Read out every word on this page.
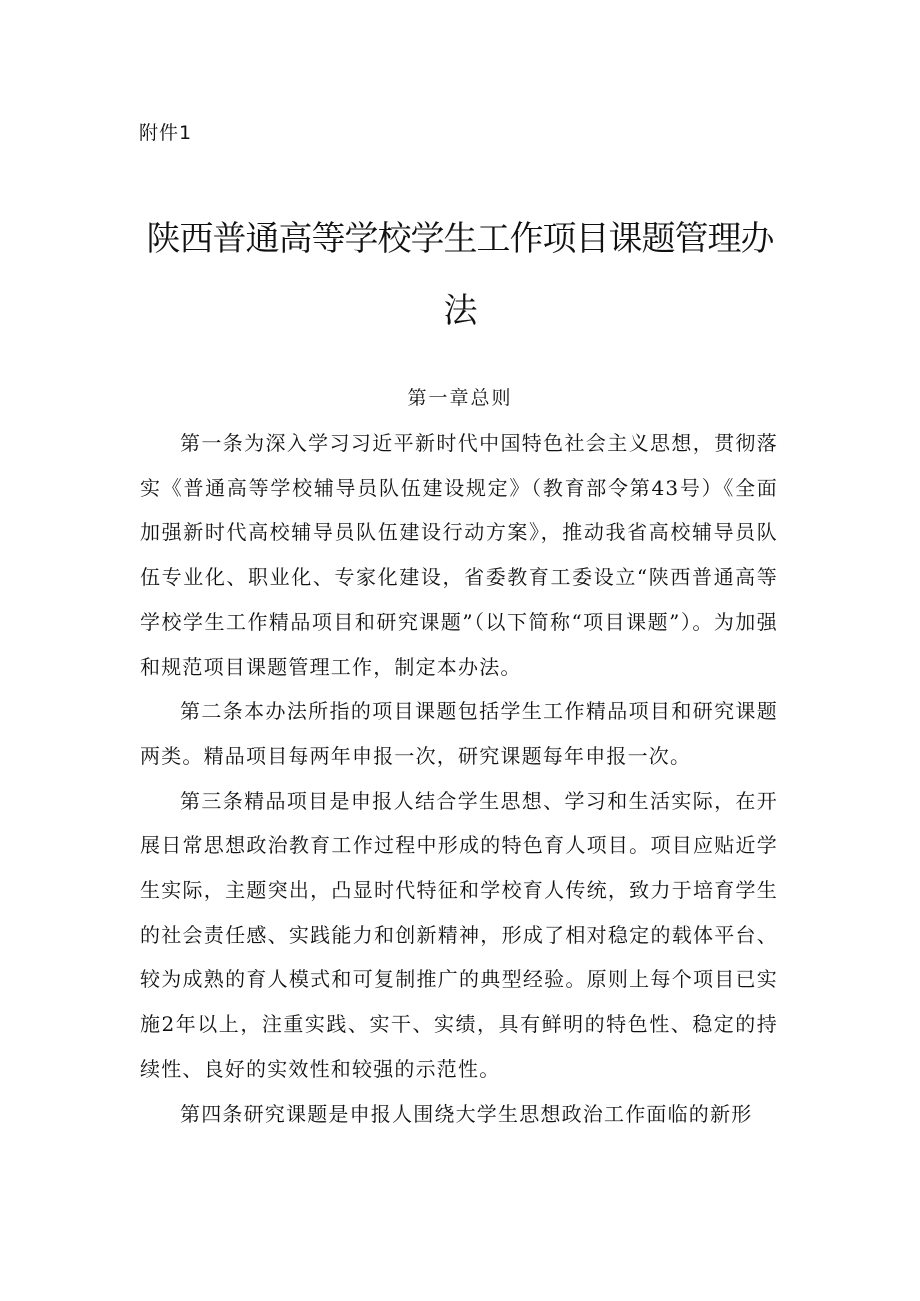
附件1
陕西普通高等学校学生工作项目课题管理办法
第一章总则

第一条为深入学习习近平新时代中国特色社会主义思想，贯彻落实《普通高等学校辅导员队伍建设规定》（教育部令第43号）《全面加强新时代高校辅导员队伍建设行动方案》，推动我省高校辅导员队伍专业化、职业化、专家化建设，省委教育工委设立“陕西普通高等学校学生工作精品项目和研究课题”（以下简称“项目课题”）。为加强和规范项目课题管理工作，制定本办法。

第二条本办法所指的项目课题包括学生工作精品项目和研究课题两类。精品项目每两年申报一次，研究课题每年申报一次。

第三条精品项目是申报人结合学生思想、学习和生活实际，在开展日常思想政治教育工作过程中形成的特色育人项目。项目应贴近学生实际，主题突出，凸显时代特征和学校育人传统，致力于培育学生的社会责任感、实践能力和创新精神，形成了相对稳定的载体平台、较为成熟的育人模式和可复制推广的典型经验。原则上每个项目已实施2年以上，注重实践、实干、实绩，具有鲜明的特色性、稳定的持续性、良好的实效性和较强的示范性。

第四条研究课题是申报人围绕大学生思想政治工作面临的新形
